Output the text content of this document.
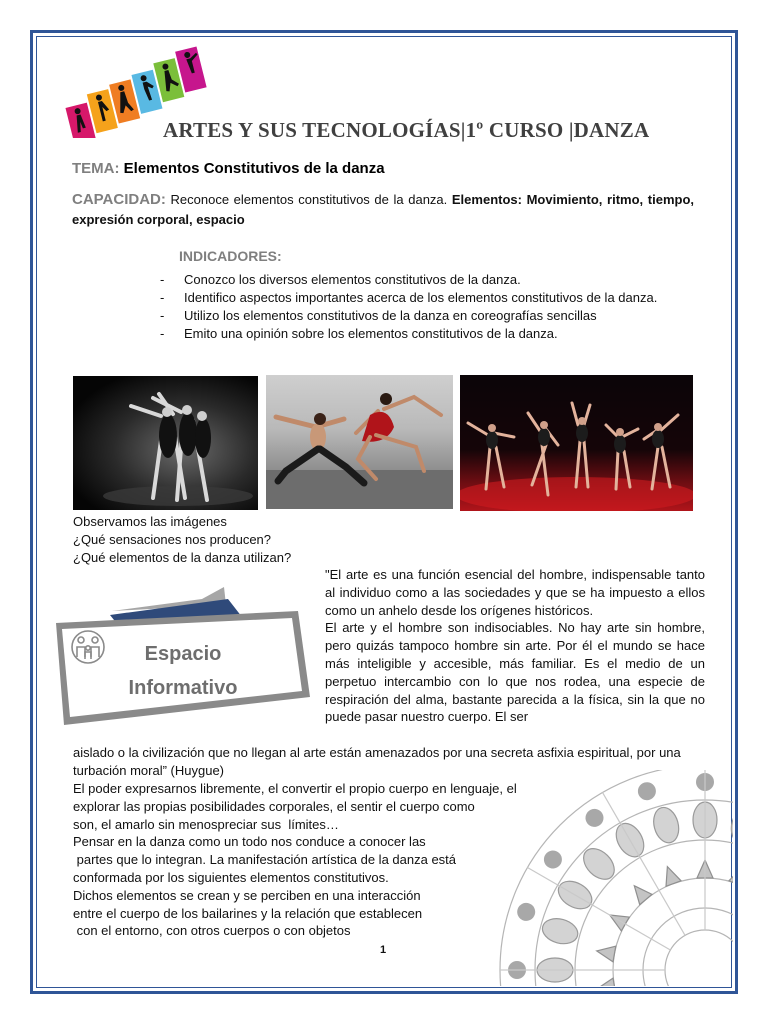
ARTES Y SUS TECNOLOGÍAS|1º CURSO |DANZA
TEMA: Elementos Constitutivos de la danza
CAPACIDAD: Reconoce elementos constitutivos de la danza. Elementos: Movimiento, ritmo, tiempo, expresión corporal, espacio
INDICADORES:
- Conozco los diversos elementos constitutivos de la danza.
- Identifico aspectos importantes acerca de los elementos constitutivos de la danza.
- Utilizo los elementos constitutivos de la danza en coreografías sencillas
- Emito una opinión sobre los elementos constitutivos de la danza.
Observamos las imágenes
¿Qué sensaciones nos producen?
¿Qué elementos de la danza utilizan?
Espacio
Informativo
"El arte es una función esencial del hombre, indispensable tanto al individuo como a las sociedades y que se ha impuesto a ellos como un anhelo desde los orígenes históricos.
El arte y el hombre son indisociables. No hay arte sin hombre, pero quizás tampoco hombre sin arte. Por él el mundo se hace más inteligible y accesible, más familiar. Es el medio de un perpetuo intercambio con lo que nos rodea, una especie de respiración del alma, bastante parecida a la física, sin la que no puede pasar nuestro cuerpo. El ser
aislado o la civilización que no llegan al arte están amenazados por una secreta asfixia espiritual, por una turbación moral” (Huygue)
El poder expresarnos libremente, el convertir el propio cuerpo en lenguaje, el
explorar las propias posibilidades corporales, el sentir el cuerpo como
son, el amarlo sin menospreciar sus  límites…
Pensar en la danza como un todo nos conduce a conocer las
partes que lo integran. La manifestación artística de la danza está
conformada por los siguientes elementos constitutivos.
Dichos elementos se crean y se perciben en una interacción
entre el cuerpo de los bailarines y la relación que establecen
con el entorno, con otros cuerpos o con objetos
1
